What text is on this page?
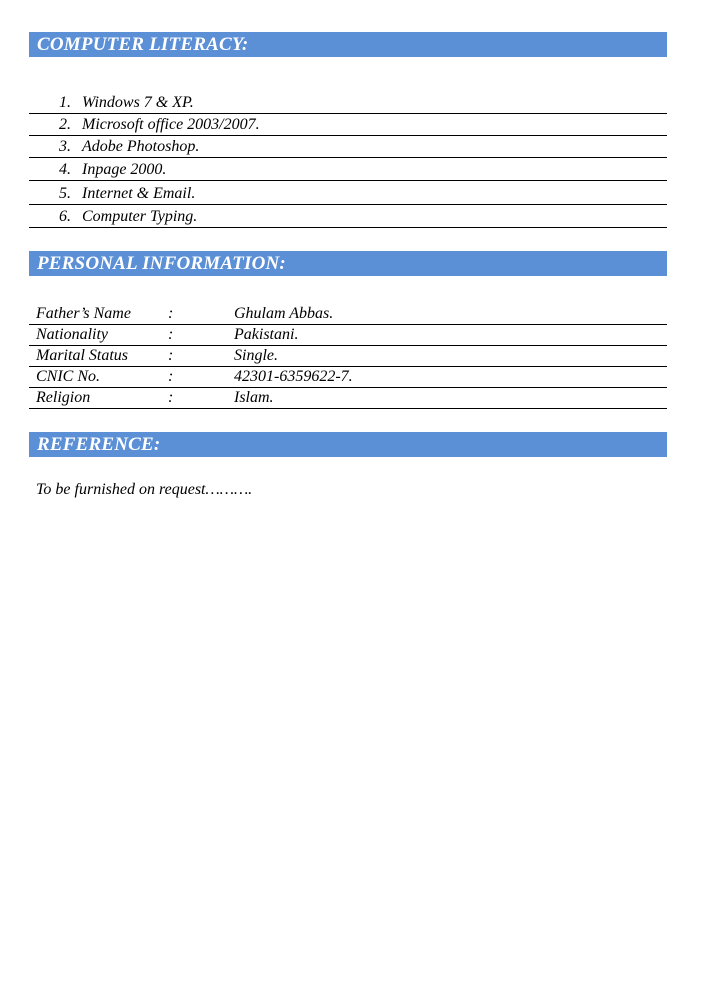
COMPUTER LITERACY:
1. Windows 7 & XP.
2. Microsoft office 2003/2007.
3. Adobe Photoshop.
4. Inpage 2000.
5. Internet & Email.
6. Computer Typing.
PERSONAL INFORMATION:
Father’s Name :	Ghulam Abbas.
Nationality	:	Pakistani.
Marital Status :	Single.
CNIC No.	:	42301-6359622-7.
Religion	:	Islam.
REFERENCE:
To be furnished on request……….
